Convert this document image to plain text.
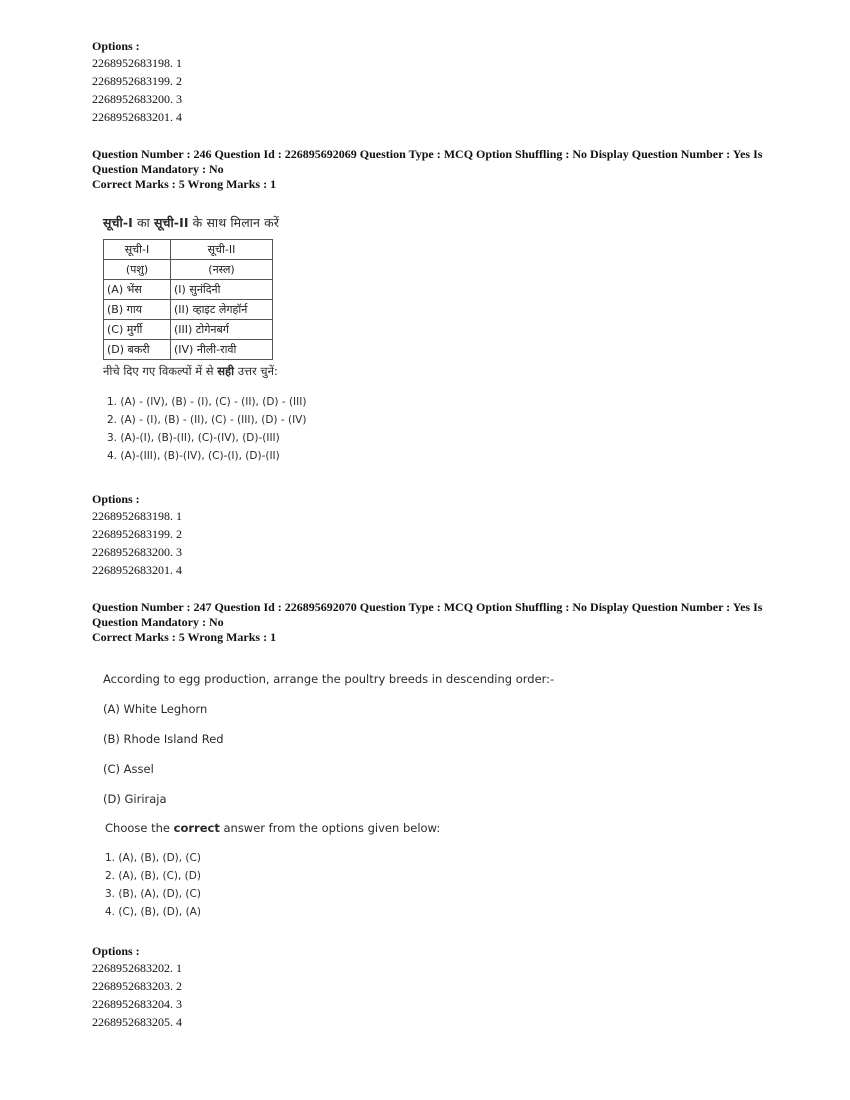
Options :
2268952683198. 1
2268952683199. 2
2268952683200. 3
2268952683201. 4
Question Number : 246 Question Id : 226895692069 Question Type : MCQ Option Shuffling : No Display Question Number : Yes Is
Question Mandatory : No
Correct Marks : 5 Wrong Marks : 1
सूची-I का सूची-II के साथ मिलान करें
सूची-I	सूची-II
(पशु)	(नस्ल)
(A) भेंस	(I) सुनंदिनी
(B) गाय	(II) व्हाइट लेगहॉर्न
(C) मुर्गी	(III) टोगेनबर्ग
(D) बकरी	(IV) नीली-रावी
नीचे दिए गए विकल्पों में से सही उत्तर चुनें:
1. (A) - (IV), (B) - (I), (C) - (II), (D) - (III)
2. (A) - (I), (B) - (II), (C) - (III), (D) - (IV)
3. (A)-(I), (B)-(II), (C)-(IV), (D)-(III)
4. (A)-(III), (B)-(IV), (C)-(I), (D)-(II)
Options :
2268952683198. 1
2268952683199. 2
2268952683200. 3
2268952683201. 4
Question Number : 247 Question Id : 226895692070 Question Type : MCQ Option Shuffling : No Display Question Number : Yes Is
Question Mandatory : No
Correct Marks : 5 Wrong Marks : 1
According to egg production, arrange the poultry breeds in descending order:-
(A) White Leghorn
(B) Rhode Island Red
(C) Assel
(D) Giriraja
Choose the correct answer from the options given below:
1. (A), (B), (D), (C)
2. (A), (B), (C), (D)
3. (B), (A), (D), (C)
4. (C), (B), (D), (A)
Options :
2268952683202. 1
2268952683203. 2
2268952683204. 3
2268952683205. 4
